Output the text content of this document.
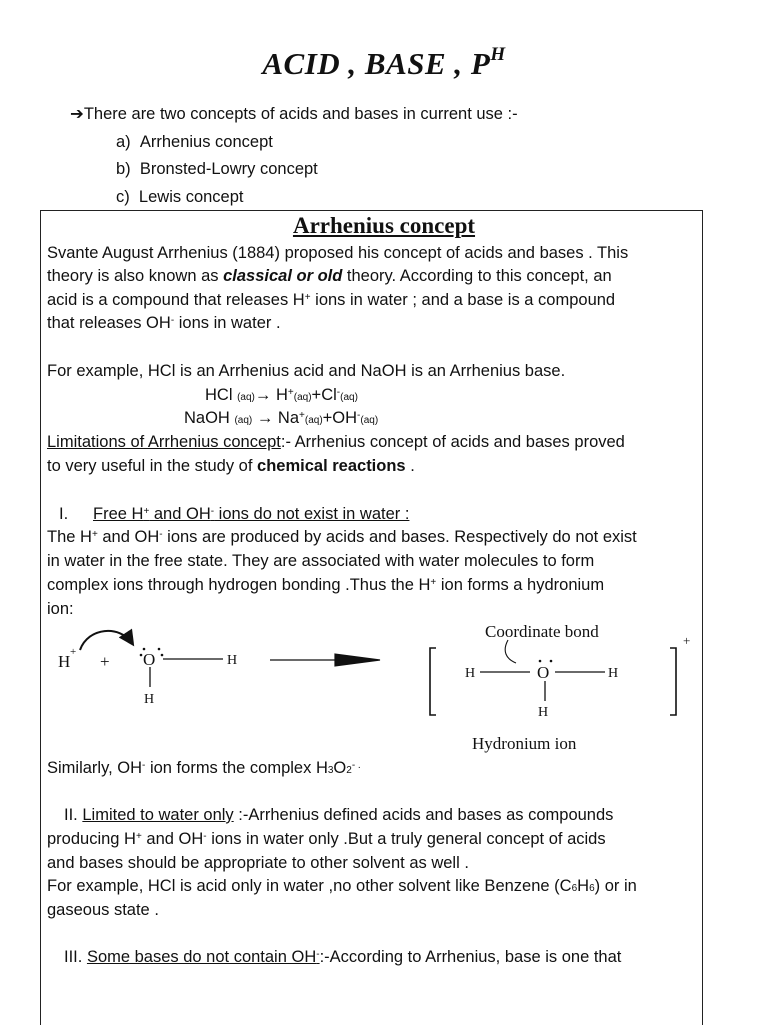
ACID , BASE , $P^H$
➔There are two concepts of acids and bases in current use :-
a) Arrhenius concept
b) Bronsted-Lowry concept
c) Lewis concept
Arrhenius concept
Svante August Arrhenius (1884) proposed his concept of acids and bases . This
theory is also known as classical or old theory. According to this concept, an
acid is a compound that releases H+ ions in water ; and a base is a compound
that releases OH- ions in water .
For example, HCl is an Arrhenius acid and NaOH is an Arrhenius base.
HCl $_{(aq)}\to H^+_{(aq)}+Cl^-_{(aq)}$
NaOH $_{(aq)} \to Na^+_{(aq)}+OH^-_{(aq)}$
Limitations of Arrhenius concept:- Arrhenius concept of acids and bases proved
to very useful in the study of chemical reactions .
I. Free H+ and OH- ions do not exist in water :
The H+ and OH- ions are produced by acids and bases. Respectively do not exist
in water in the free state. They are associated with water molecules to form
complex ions through hydrogen bonding .Thus the H+ ion forms a hydronium
ion:
H + + O	H
H
+
Coordinate bond
H	O	H
H
Hydronium ion
Similarly, OH- ion forms the complex $H_3O_2^{- .}$
II. Limited to water only :-Arrhenius defined acids and bases as compounds
producing H+ and OH- ions in water only .But a truly general concept of acids
and bases should be appropriate to other solvent as well .
For example, HCl is acid only in water ,no other solvent like Benzene $(C_6H_6)$ or in
gaseous state .
III. Some bases do not contain OH-:-According to Arrhenius, base is one that
